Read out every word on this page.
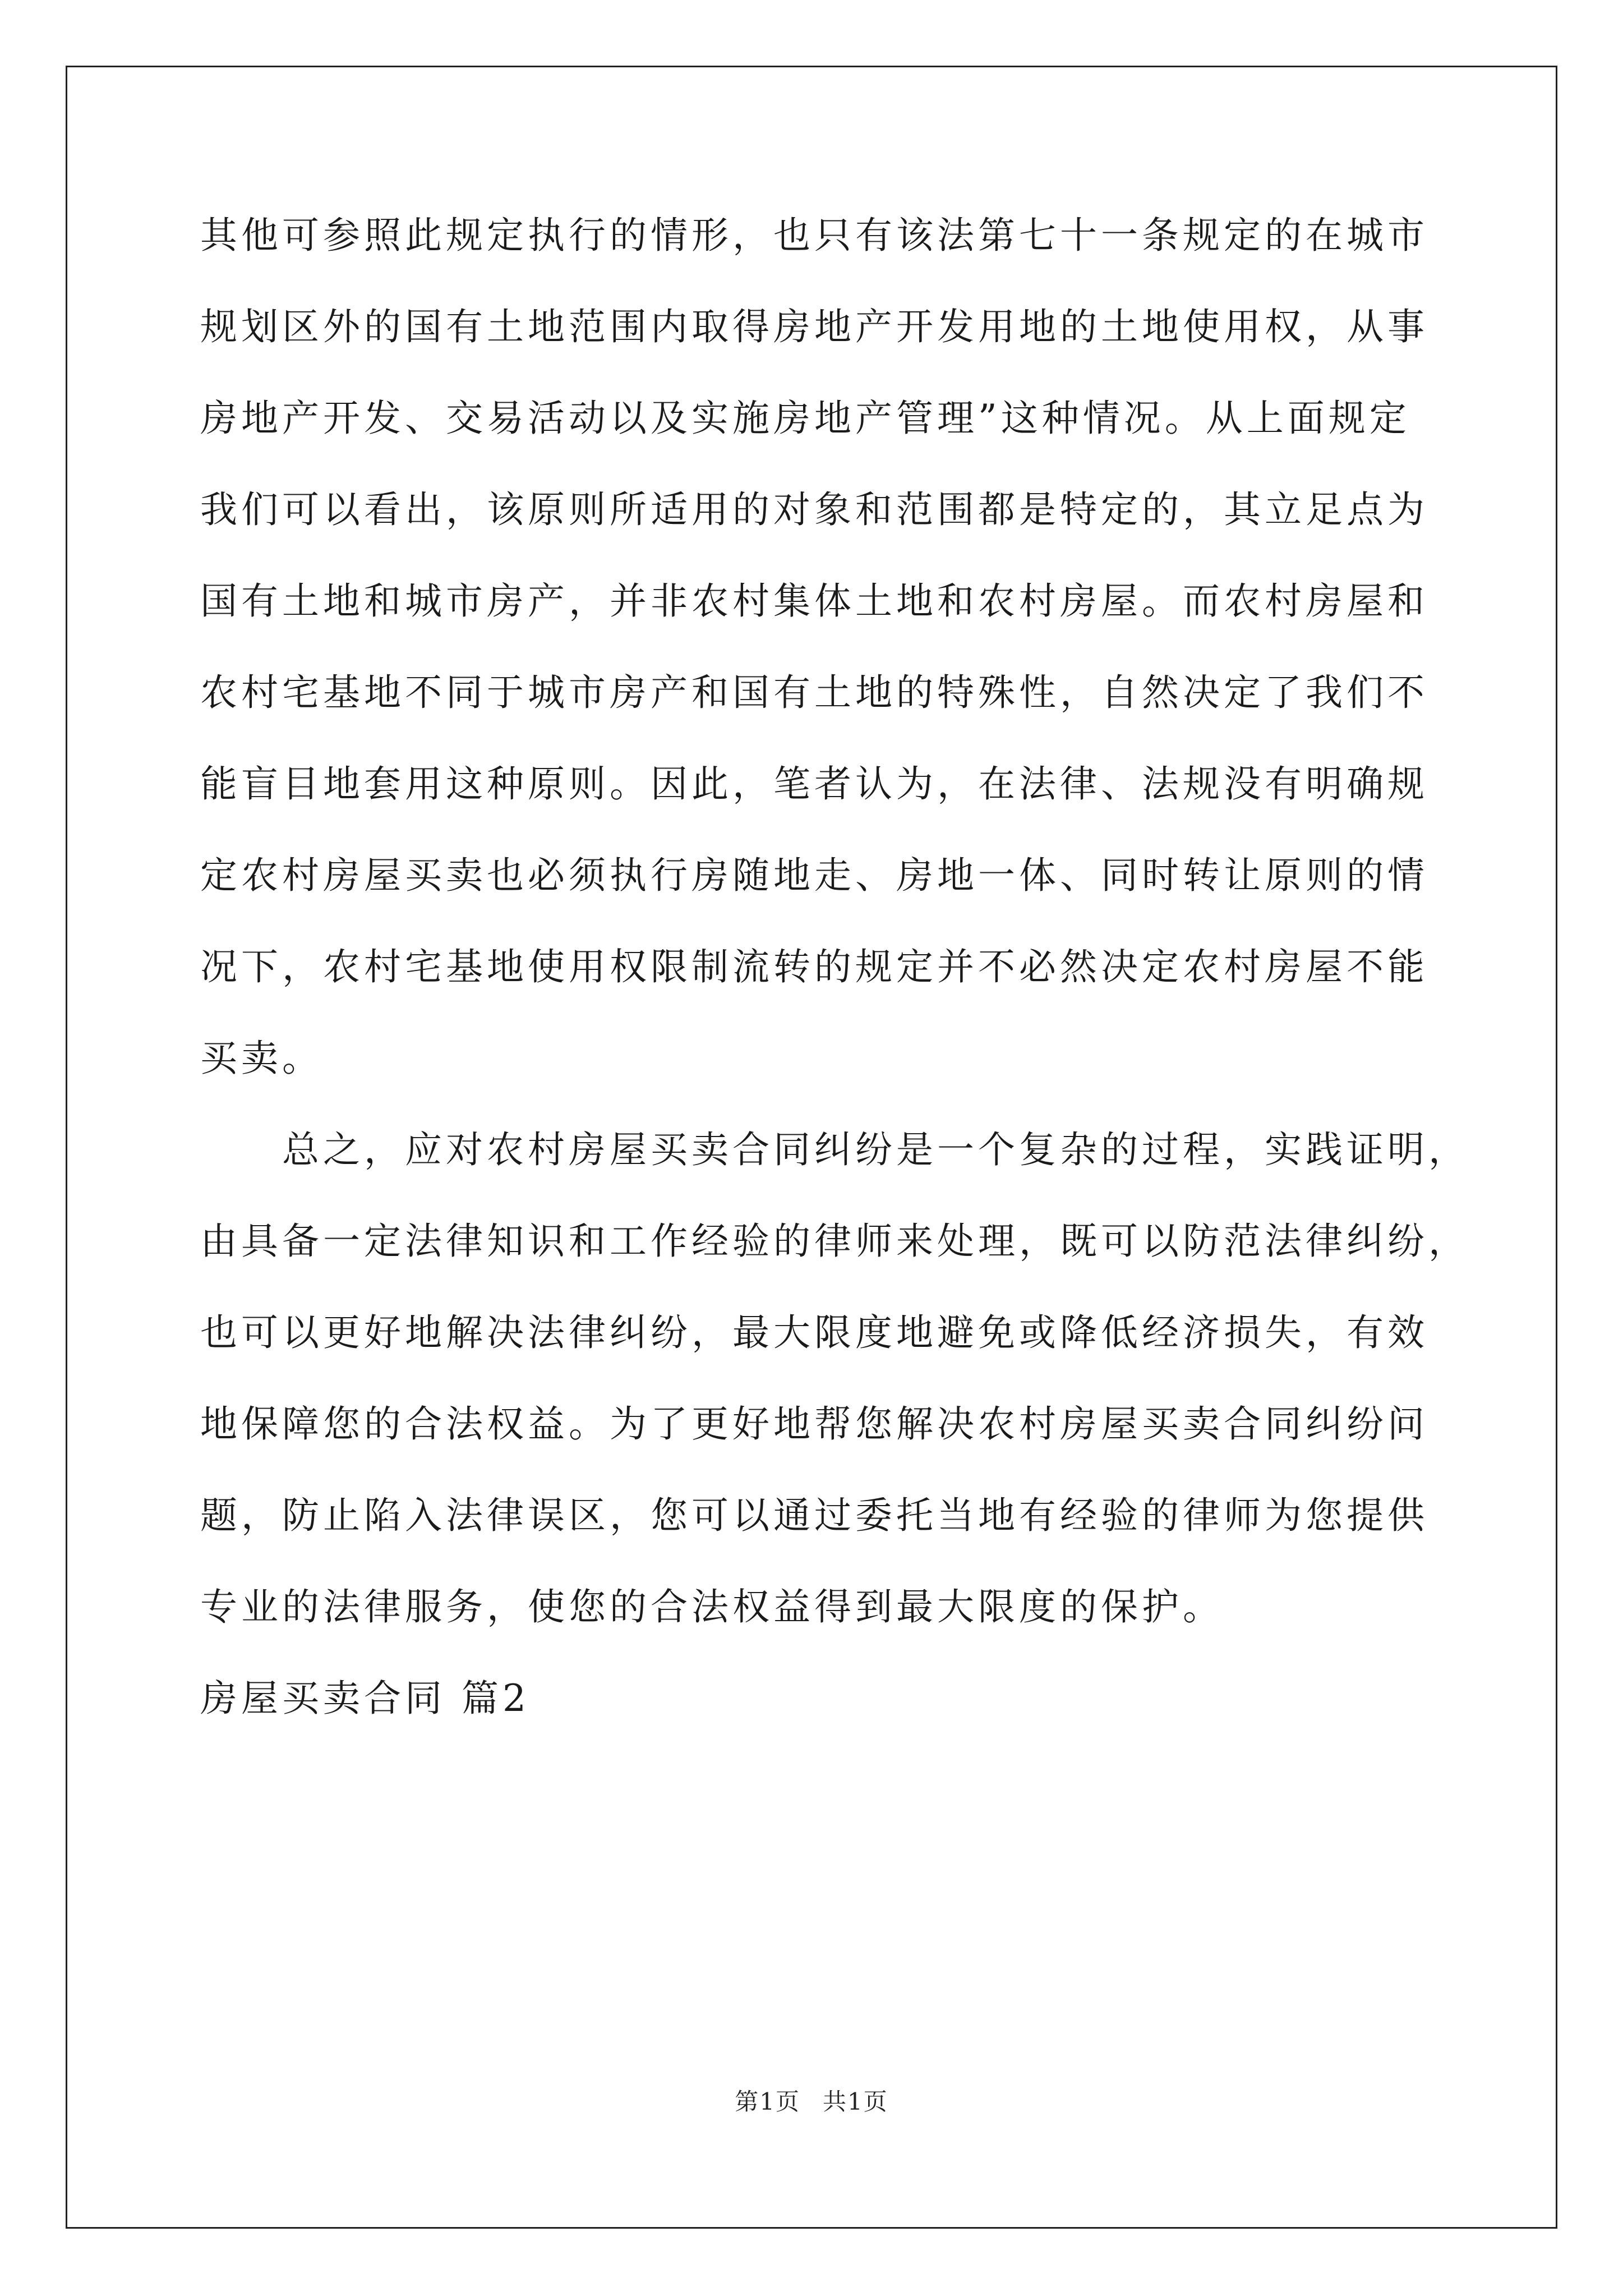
其他可参照此规定执行的情形，也只有该法第七十一条规定的在城市
规划区外的国有土地范围内取得房地产开发用地的土地使用权，从事
房地产开发、交易活动以及实施房地产管理”这种情况。从上面规定
我们可以看出，该原则所适用的对象和范围都是特定的，其立足点为
国有土地和城市房产，并非农村集体土地和农村房屋。而农村房屋和
农村宅基地不同于城市房产和国有土地的特殊性，自然决定了我们不
能盲目地套用这种原则。因此，笔者认为，在法律、法规没有明确规
定农村房屋买卖也必须执行房随地走、房地一体、同时转让原则的情
况下，农村宅基地使用权限制流转的规定并不必然决定农村房屋不能
买卖。
总之，应对农村房屋买卖合同纠纷是一个复杂的过程，实践证明，
由具备一定法律知识和工作经验的律师来处理，既可以防范法律纠纷，
也可以更好地解决法律纠纷，最大限度地避免或降低经济损失，有效
地保障您的合法权益。为了更好地帮您解决农村房屋买卖合同纠纷问
题，防止陷入法律误区，您可以通过委托当地有经验的律师为您提供
专业的法律服务，使您的合法权益得到最大限度的保护。
房屋买卖合同 篇2
第1页 共1页
